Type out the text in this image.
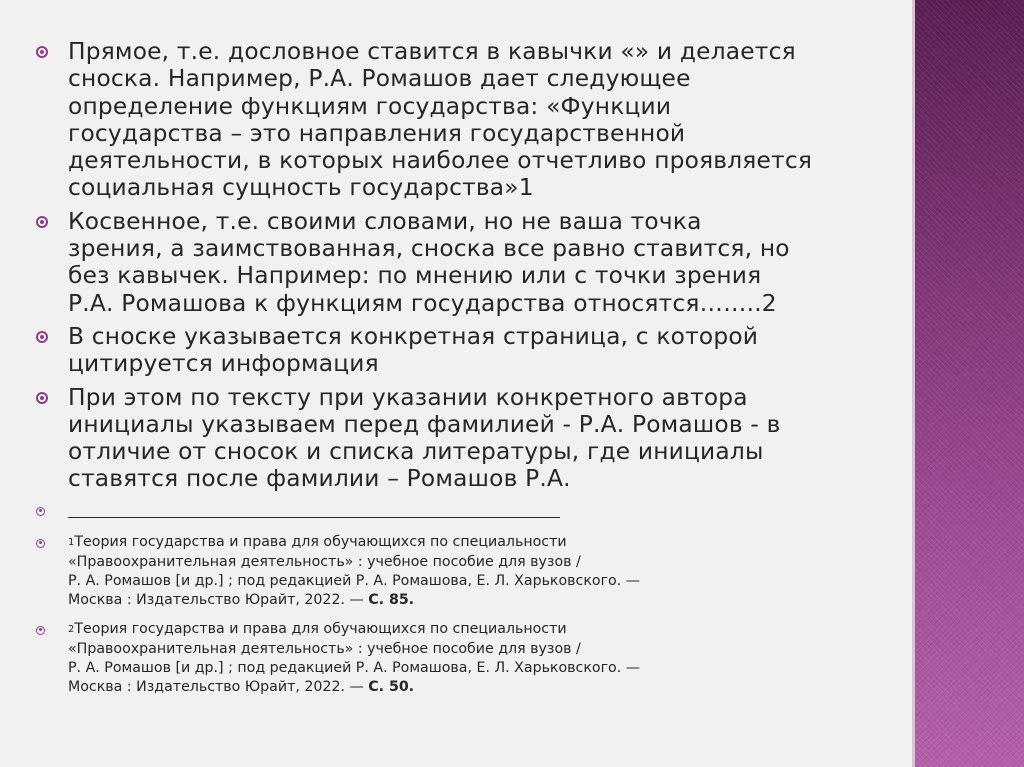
Прямое, т.е. дословное ставится в кавычки «» и делается
сноска. Например, Р.А. Ромашов дает следующее
определение функциям государства: «Функции
государства – это направления государственной
деятельности, в которых наиболее отчетливо проявляется
социальная сущность государства»1
Косвенное, т.е. своими словами, но не ваша точка
зрения, а заимствованная, сноска все равно ставится, но
без кавычек. Например: по мнению или с точки зрения
Р.А. Ромашова к функциям государства относятся……..2
В сноске указывается конкретная страница, с которой
цитируется информация
При этом по тексту при указании конкретного автора
инициалы указываем перед фамилией - Р.А. Ромашов - в
отличие от сносок и списка литературы, где инициалы
ставятся после фамилии – Ромашов Р.А.
1Теория государства и права для обучающихся по специальности
«Правоохранительная деятельность» : учебное пособие для вузов /
Р. А. Ромашов [и др.] ; под редакцией Р. А. Ромашова, Е. Л. Харьковского. —
Москва : Издательство Юрайт, 2022. — С. 85.
2Теория государства и права для обучающихся по специальности
«Правоохранительная деятельность» : учебное пособие для вузов /
Р. А. Ромашов [и др.] ; под редакцией Р. А. Ромашова, Е. Л. Харьковского. —
Москва : Издательство Юрайт, 2022. — С. 50.
